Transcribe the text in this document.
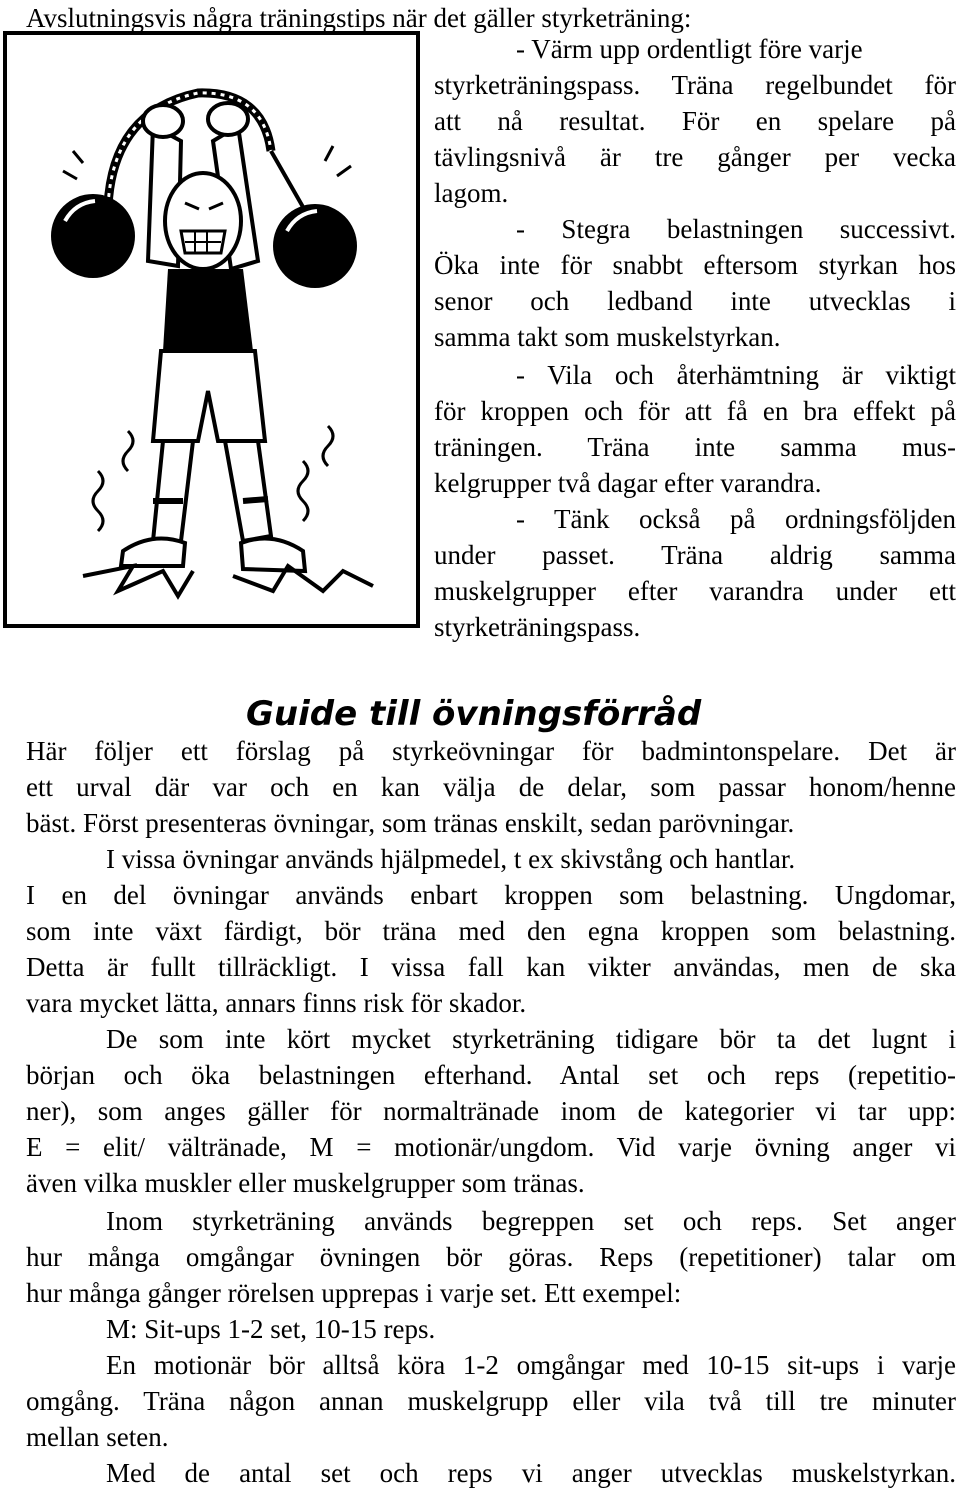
Avslutningsvis några träningstips när det gäller styrketräning:
- Värm upp ordentligt före varje
styrketräningspass. Träna regelbundet för
att nå resultat. För en spelare på
tävlingsnivå är tre gånger per vecka
lagom.
- Stegra belastningen successivt.
Öka inte för snabbt eftersom styrkan hos
senor och ledband inte utvecklas i
samma takt som muskelstyrkan.
- Vila och återhämtning är viktigt
för kroppen och för att få en bra effekt på
träningen. Träna inte samma mus-
kelgrupper två dagar efter varandra.
- Tänk också på ordningsföljden
under passet. Träna aldrig samma
muskelgrupper efter varandra under ett
styrketräningspass.
Guide till övningsförråd
Här följer ett förslag på styrkeövningar för badmintonspelare. Det är
ett urval där var och en kan välja de delar, som passar honom/henne
bäst. Först presenteras övningar, som tränas enskilt, sedan parövningar.
I vissa övningar används hjälpmedel, t ex skivstång och hantlar.
I en del övningar används enbart kroppen som belastning. Ungdomar,
som inte växt färdigt, bör träna med den egna kroppen som belastning.
Detta är fullt tillräckligt. I vissa fall kan vikter användas, men de ska
vara mycket lätta, annars finns risk för skador.
De som inte kört mycket styrketräning tidigare bör ta det lugnt i
början och öka belastningen efterhand. Antal set och reps (repetitio-
ner), som anges gäller för normaltränade inom de kategorier vi tar upp:
E = elit/ vältränade, M = motionär/ungdom. Vid varje övning anger vi
även vilka muskler eller muskelgrupper som tränas.
Inom styrketräning används begreppen set och reps. Set anger
hur många omgångar övningen bör göras. Reps (repetitioner) talar om
hur många gånger rörelsen upprepas i varje set. Ett exempel:
M: Sit-ups 1-2 set, 10-15 reps.
En motionär bör alltså köra 1-2 omgångar med 10-15 sit-ups i varje
omgång. Träna någon annan muskelgrupp eller vila två till tre minuter
mellan seten.
Med de antal set och reps vi anger utvecklas muskelstyrkan.
